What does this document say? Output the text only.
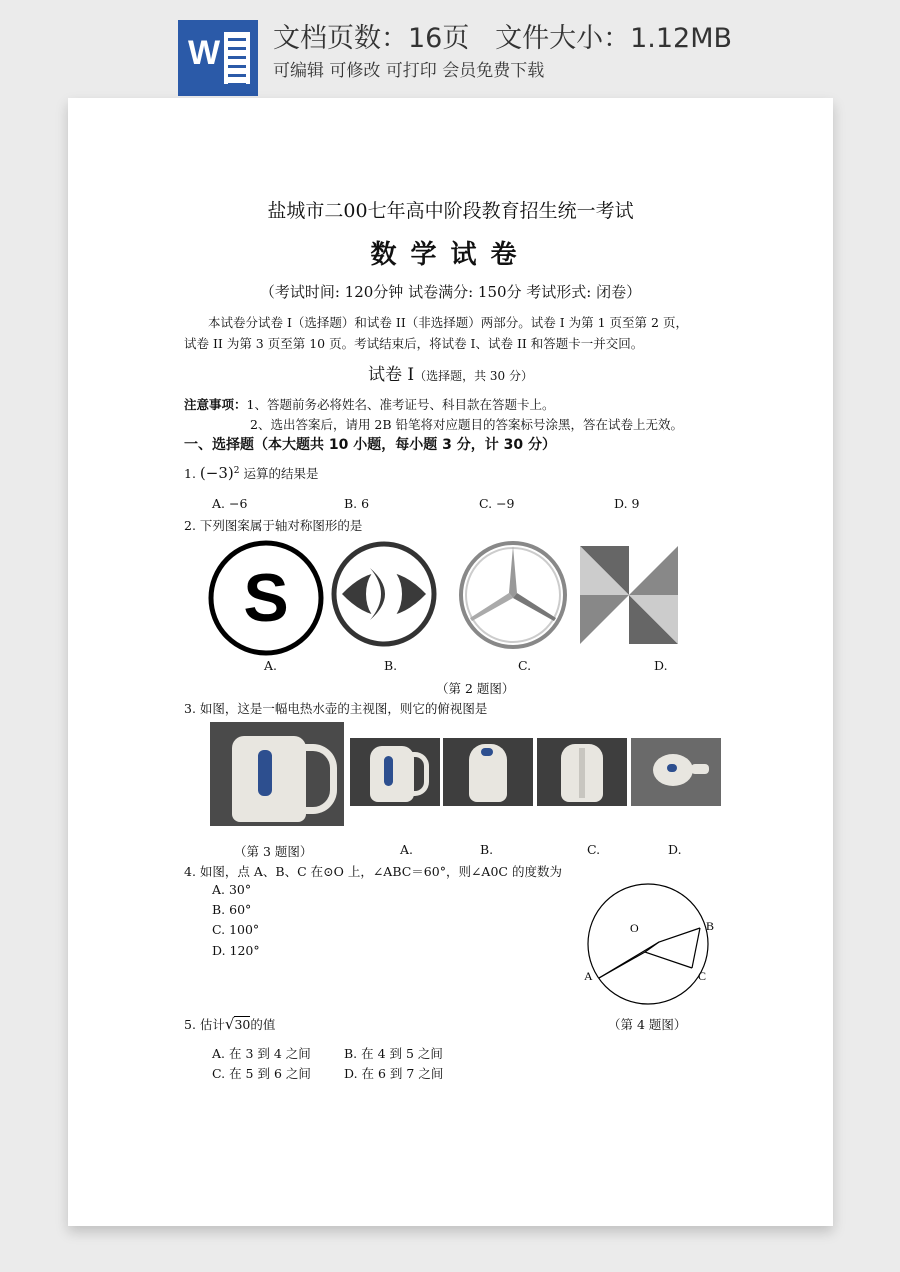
W 文档页数：16页   文件大小：1.12MB
可编辑 可修改 可打印 会员免费下载
盐城市二00七年高中阶段教育招生统一考试
数学试卷
（考试时间: 120分钟 试卷满分: 150分 考试形式: 闭卷）
本试卷分试卷 I（选择题）和试卷 II（非选择题）两部分。试卷 I 为第 1 页至第 2 页，
试卷 II 为第 3 页至第 10 页。考试结束后，将试卷 I、试卷 II 和答题卡一并交回。
试卷 I（选择题，共 30 分）
注意事项：1、答题前务必将姓名、准考证号、科目款在答题卡上。
2、选出答案后，请用 2B 铅笔将对应题目的答案标号涂黑，答在试卷上无效。
一、选择题（本大题共 10 小题，每小题 3 分，计 30 分）
1. $(-3)^2$ 运算的结果是
A. −6	B. 6	C. −9	D. 9
2. 下列图案属于轴对称图形的是
S
A.	B.	C.	D.
（第 2 题图）
3. 如图，这是一幅电热水壶的主视图，则它的俯视图是
（第 3 题图）	A.	B.	C.	D.
4. 如图，点 A、B、C 在⊙O 上，∠ABC＝60°，则∠A0C 的度数为
A. 30°
B. 60°
C. 100°
D. 120°
O	B
A	C
（第 4 题图）
5. 估计√30的值
A. 在 3 到 4 之间	B. 在 4 到 5 之间
C. 在 5 到 6 之间	D. 在 6 到 7 之间
